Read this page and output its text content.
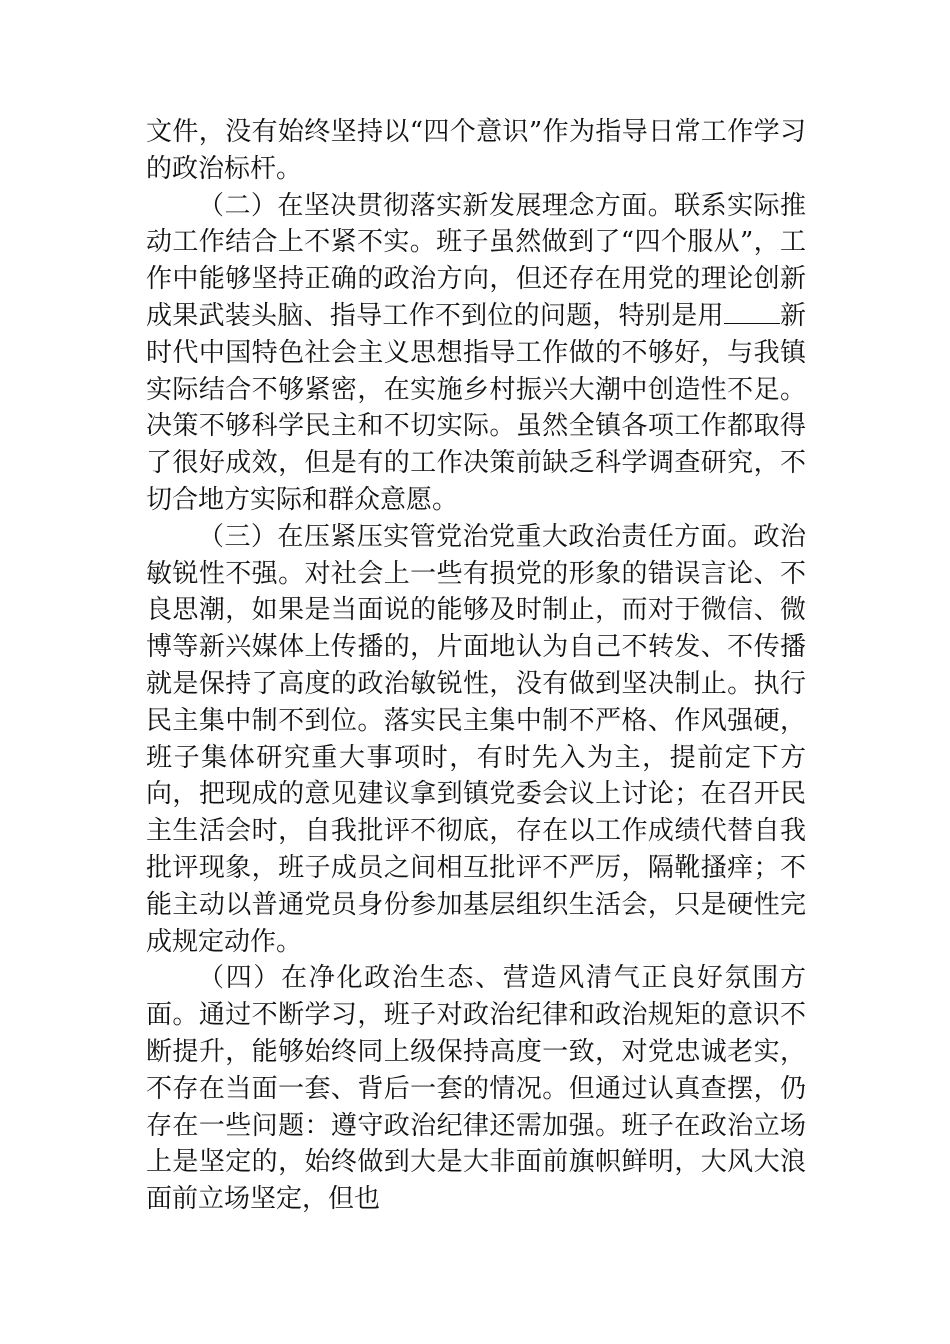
文件，没有始终坚持以“四个意识”作为指导日常工作学习的政治标杆。

（二）在坚决贯彻落实新发展理念方面。联系实际推动工作结合上不紧不实。班子虽然做到了“四个服从”，工作中能够坚持正确的政治方向，但还存在用党的理论创新成果武装头脑、指导工作不到位的问题，特别是用 新时代中国特色社会主义思想指导工作做的不够好，与我镇实际结合不够紧密，在实施乡村振兴大潮中创造性不足。决策不够科学民主和不切实际。虽然全镇各项工作都取得了很好成效，但是有的工作决策前缺乏科学调查研究，不切合地方实际和群众意愿。

（三）在压紧压实管党治党重大政治责任方面。政治敏锐性不强。对社会上一些有损党的形象的错误言论、不良思潮，如果是当面说的能够及时制止，而对于微信、微博等新兴媒体上传播的，片面地认为自己不转发、不传播就是保持了高度的政治敏锐性，没有做到坚决制止。执行民主集中制不到位。落实民主集中制不严格、作风强硬，班子集体研究重大事项时，有时先入为主，提前定下方向，把现成的意见建议拿到镇党委会议上讨论；在召开民主生活会时，自我批评不彻底，存在以工作成绩代替自我批评现象，班子成员之间相互批评不严厉，隔靴搔痒；不能主动以普通党员身份参加基层组织生活会，只是硬性完成规定动作。

（四）在净化政治生态、营造风清气正良好氛围方面。通过不断学习，班子对政治纪律和政治规矩的意识不断提升，能够始终同上级保持高度一致，对党忠诚老实，不存在当面一套、背后一套的情况。但通过认真查摆，仍存在一些问题：遵守政治纪律还需加强。班子在政治立场上是坚定的，始终做到大是大非面前旗帜鲜明，大风大浪面前立场坚定，但也
